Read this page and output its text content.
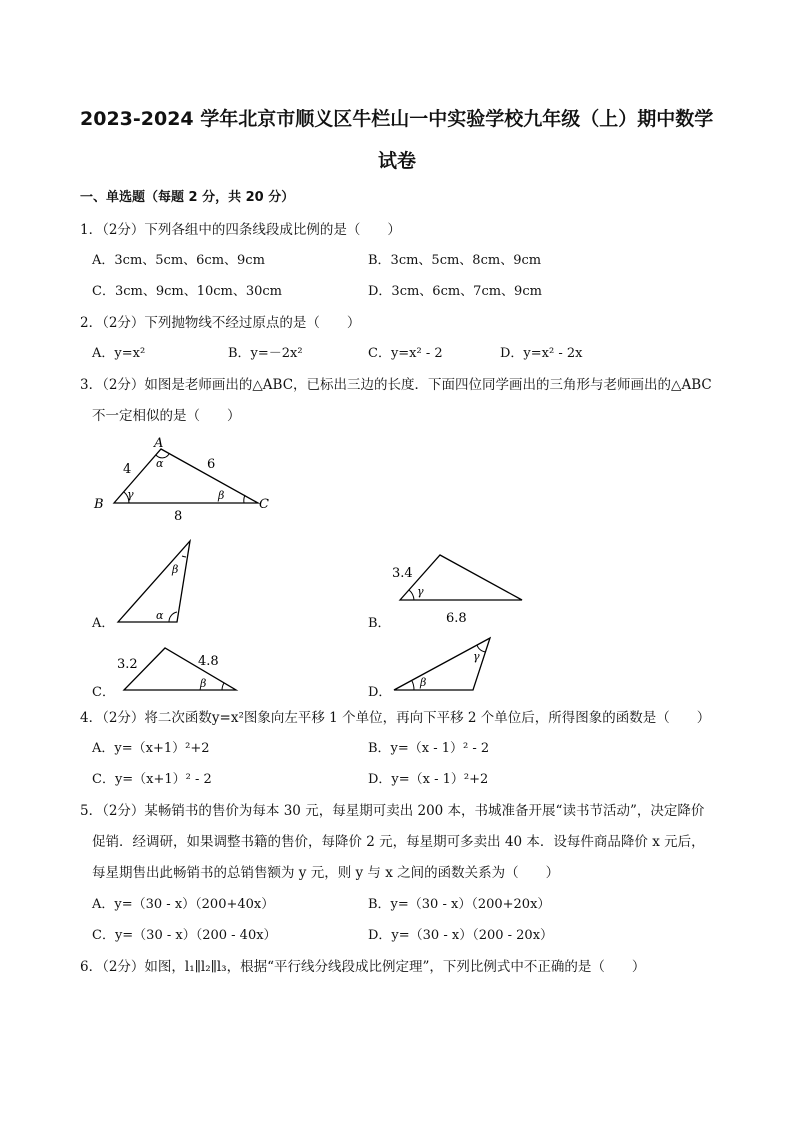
2023-2024 学年北京市顺义区牛栏山一中实验学校九年级（上）期中数学
试卷
一、单选题（每题 2 分，共 20 分）
1．（2分）下列各组中的四条线段成比例的是（　　）
A．3cm、5cm、6cm、9cm	B．3cm、5cm、8cm、9cm
C．3cm、9cm、10cm、30cm	D．3cm、6cm、7cm、9cm
2．（2分）下列抛物线不经过原点的是（　　）
A．y=x²	B．y=－2x²	C．y=x² - 2	D．y=x² - 2x
3．（2分）如图是老师画出的△ABC，已标出三边的长度．下面四位同学画出的三角形与老师画出的△ABC
不一定相似的是（　　）
A
B	C
4	6
8
α
β
γ
A．
β
α
B．
3.4
6.8
γ
C．
3.2	4.8
β
D．
γ
β
4．（2分）将二次函数y=x²图象向左平移 1 个单位，再向下平移 2 个单位后，所得图象的函数是（　　）
A．y=（x+1）²+2	B．y=（x - 1）² - 2
C．y=（x+1）² - 2	D．y=（x - 1）²+2
5．（2分）某畅销书的售价为每本 30 元，每星期可卖出 200 本，书城准备开展“读书节活动”，决定降价
促销．经调研，如果调整书籍的售价，每降价 2 元，每星期可多卖出 40 本．设每件商品降价 x 元后，
每星期售出此畅销书的总销售额为 y 元，则 y 与 x 之间的函数关系为（　　）
A．y=（30 - x）（200+40x）	B．y=（30 - x）（200+20x）
C．y=（30 - x）（200 - 40x）	D．y=（30 - x）（200 - 20x）
6．（2分）如图，l₁∥l₂∥l₃，根据“平行线分线段成比例定理”，下列比例式中不正确的是（　　）
